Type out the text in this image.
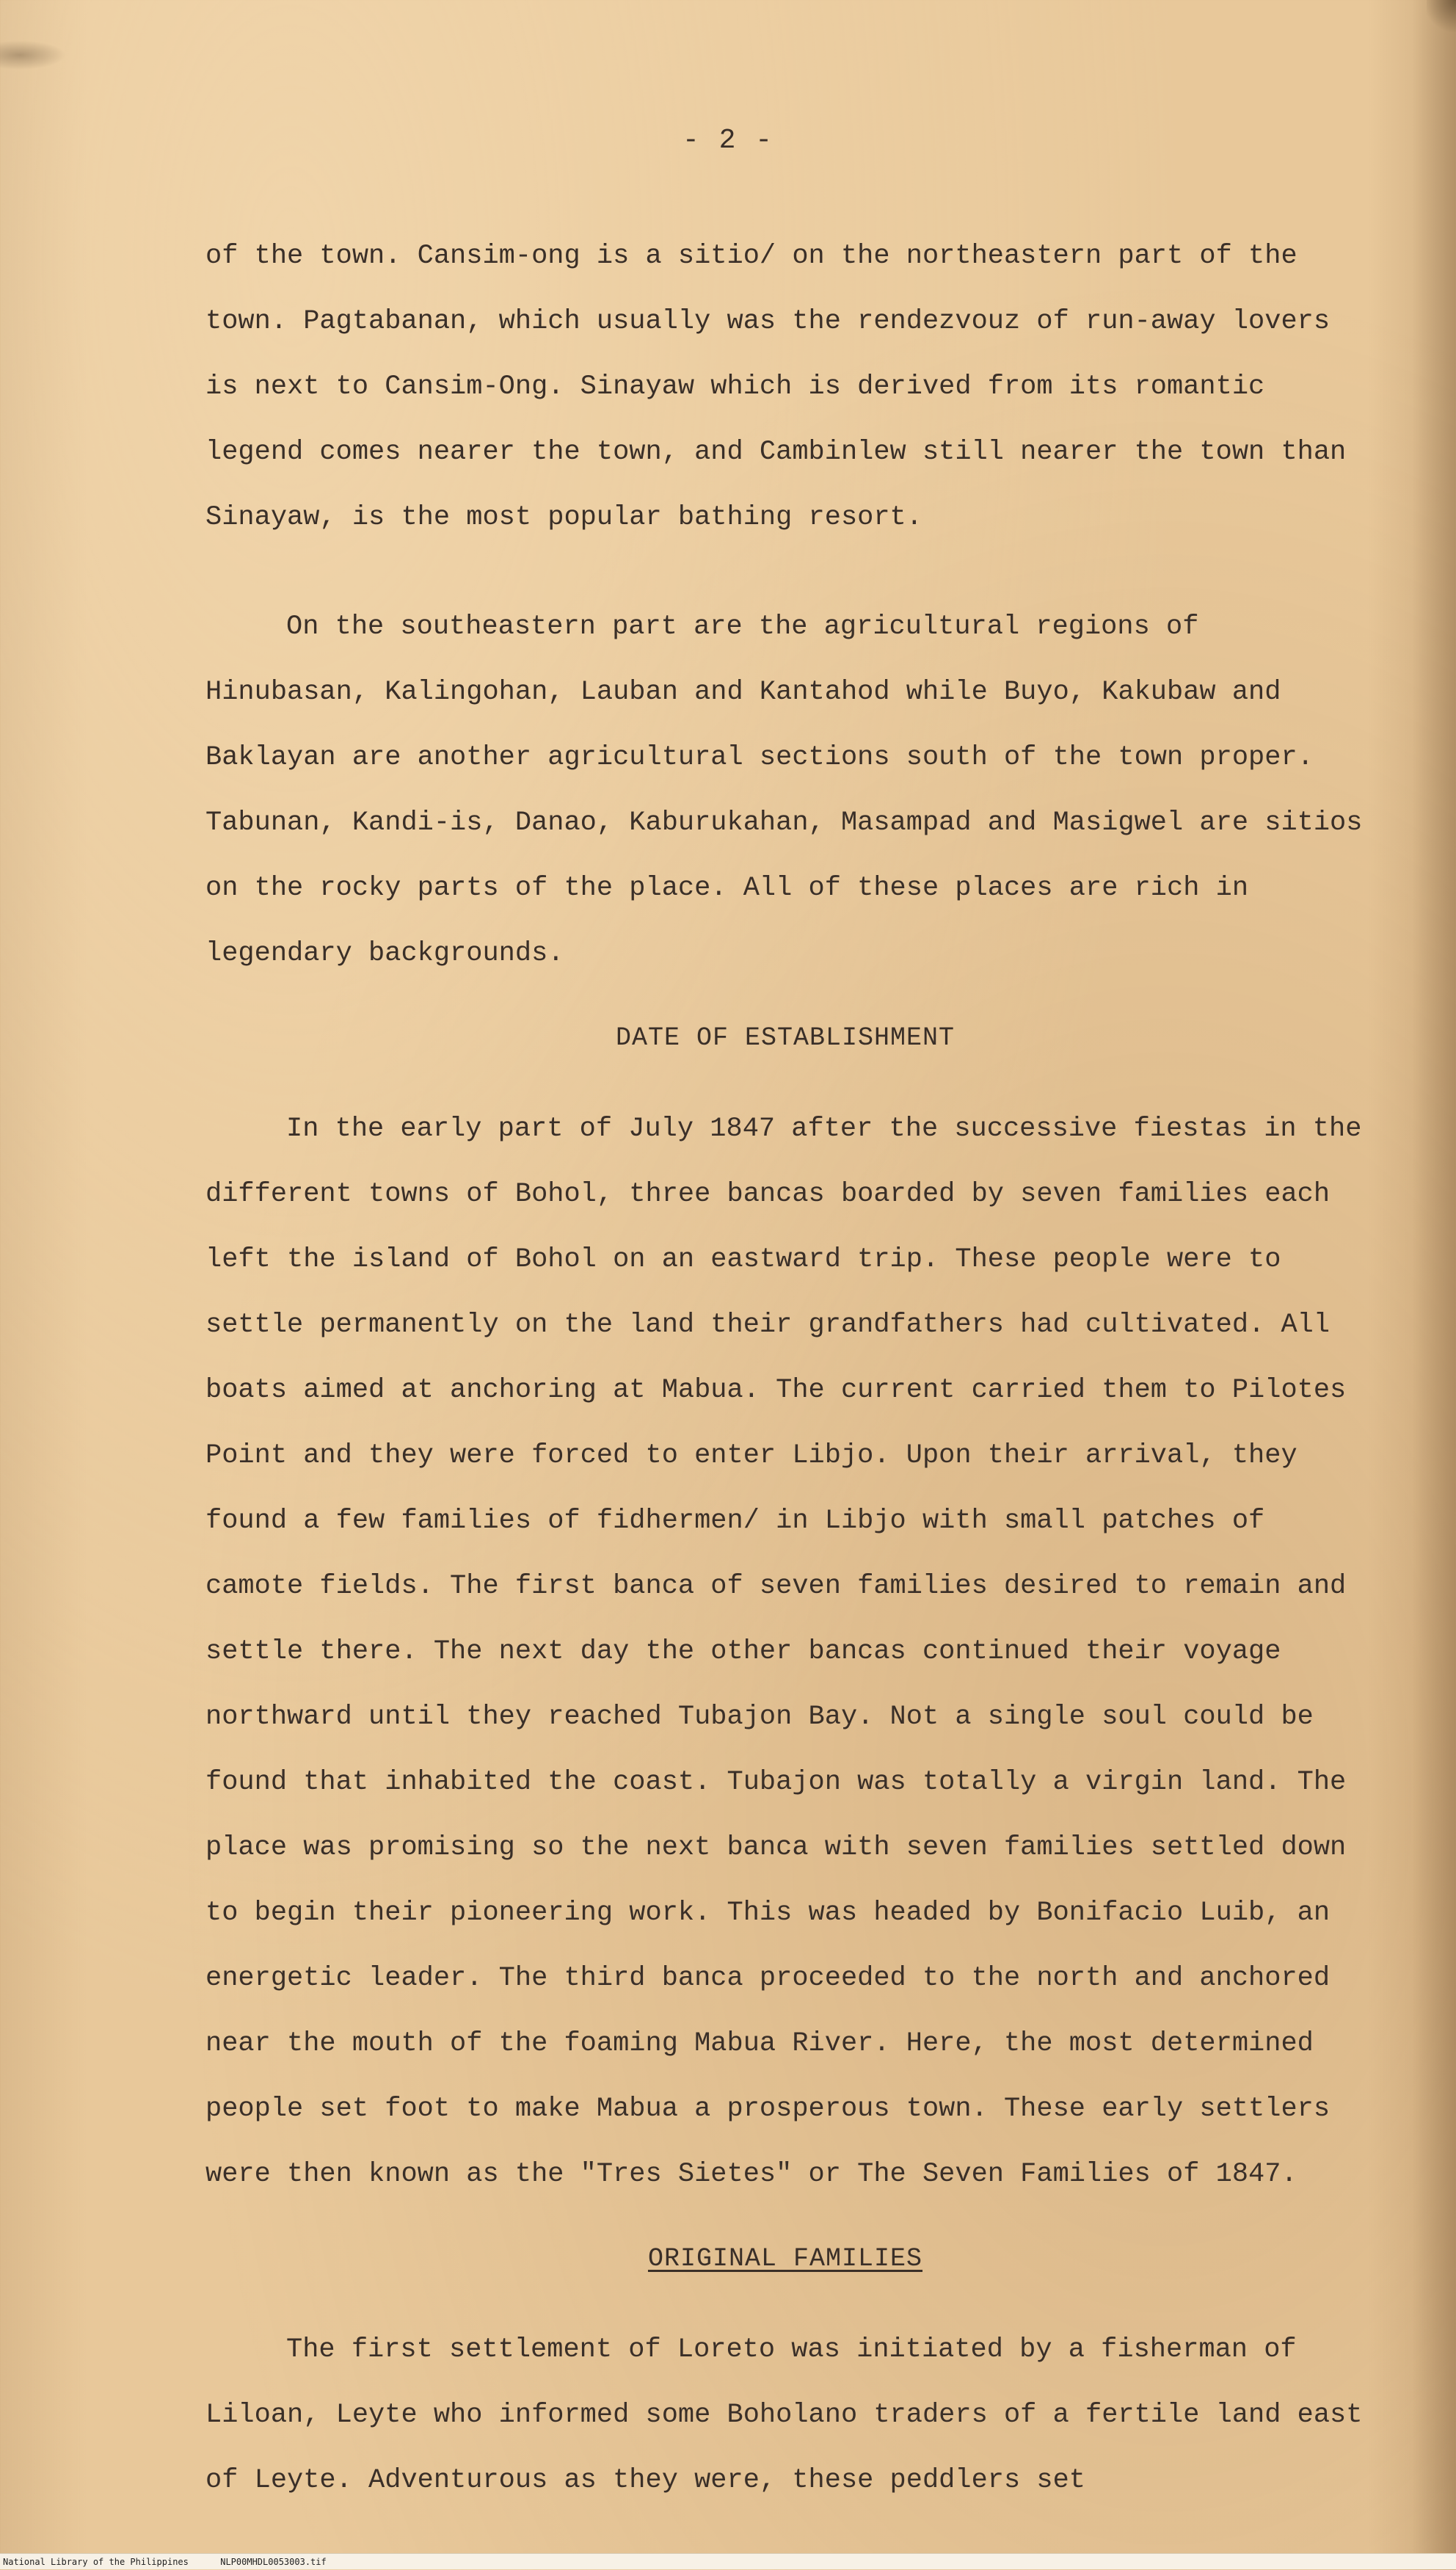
- 2 -

of the town. Cansim-ong is a sitio/ on the northeastern part of the town. Pagtabanan, which usually was the rendezvouz of run-away lovers is next to Cansim-Ong. Sinayaw which is derived from its romantic legend comes nearer the town, and Cambinlew still nearer the town than Sinayaw, is the most popular bathing resort.

On the southeastern part are the agricultural regions of Hinubasan, Kalingohan, Lauban and Kantahod while Buyo, Kakubaw and Baklayan are another agricultural sections south of the town proper. Tabunan, Kandi-is, Danao, Kaburukahan, Masampad and Masigwel are sitios on the rocky parts of the place. All of these places are rich in legendary backgrounds.

DATE OF ESTABLISHMENT

In the early part of July 1847 after the successive fiestas in the different towns of Bohol, three bancas boarded by seven families each left the island of Bohol on an eastward trip. These people were to settle permanently on the land their grandfathers had cultivated. All boats aimed at anchoring at Mabua. The current carried them to Pilotes Point and they were forced to enter Libjo. Upon their arrival, they found a few families of fidhermen/ in Libjo with small patches of camote fields. The first banca of seven families desired to remain and settle there. The next day the other bancas continued their voyage northward until they reached Tubajon Bay. Not a single soul could be found that inhabited the coast. Tubajon was totally a virgin land. The place was promising so the next banca with seven families settled down to begin their pioneering work. This was headed by Bonifacio Luib, an energetic leader. The third banca proceeded to the north and anchored near the mouth of the foaming Mabua River. Here, the most determined people set foot to make Mabua a prosperous town. These early settlers were then known as the "Tres Sietes" or The Seven Families of 1847.

ORIGINAL FAMILIES

The first settlement of Loreto was initiated by a fisherman of Liloan, Leyte who informed some Boholano traders of a fertile land east of Leyte. Adventurous as they were, these peddlers set

National Library of the Philippines	NLP00MHDL0053003.tif
